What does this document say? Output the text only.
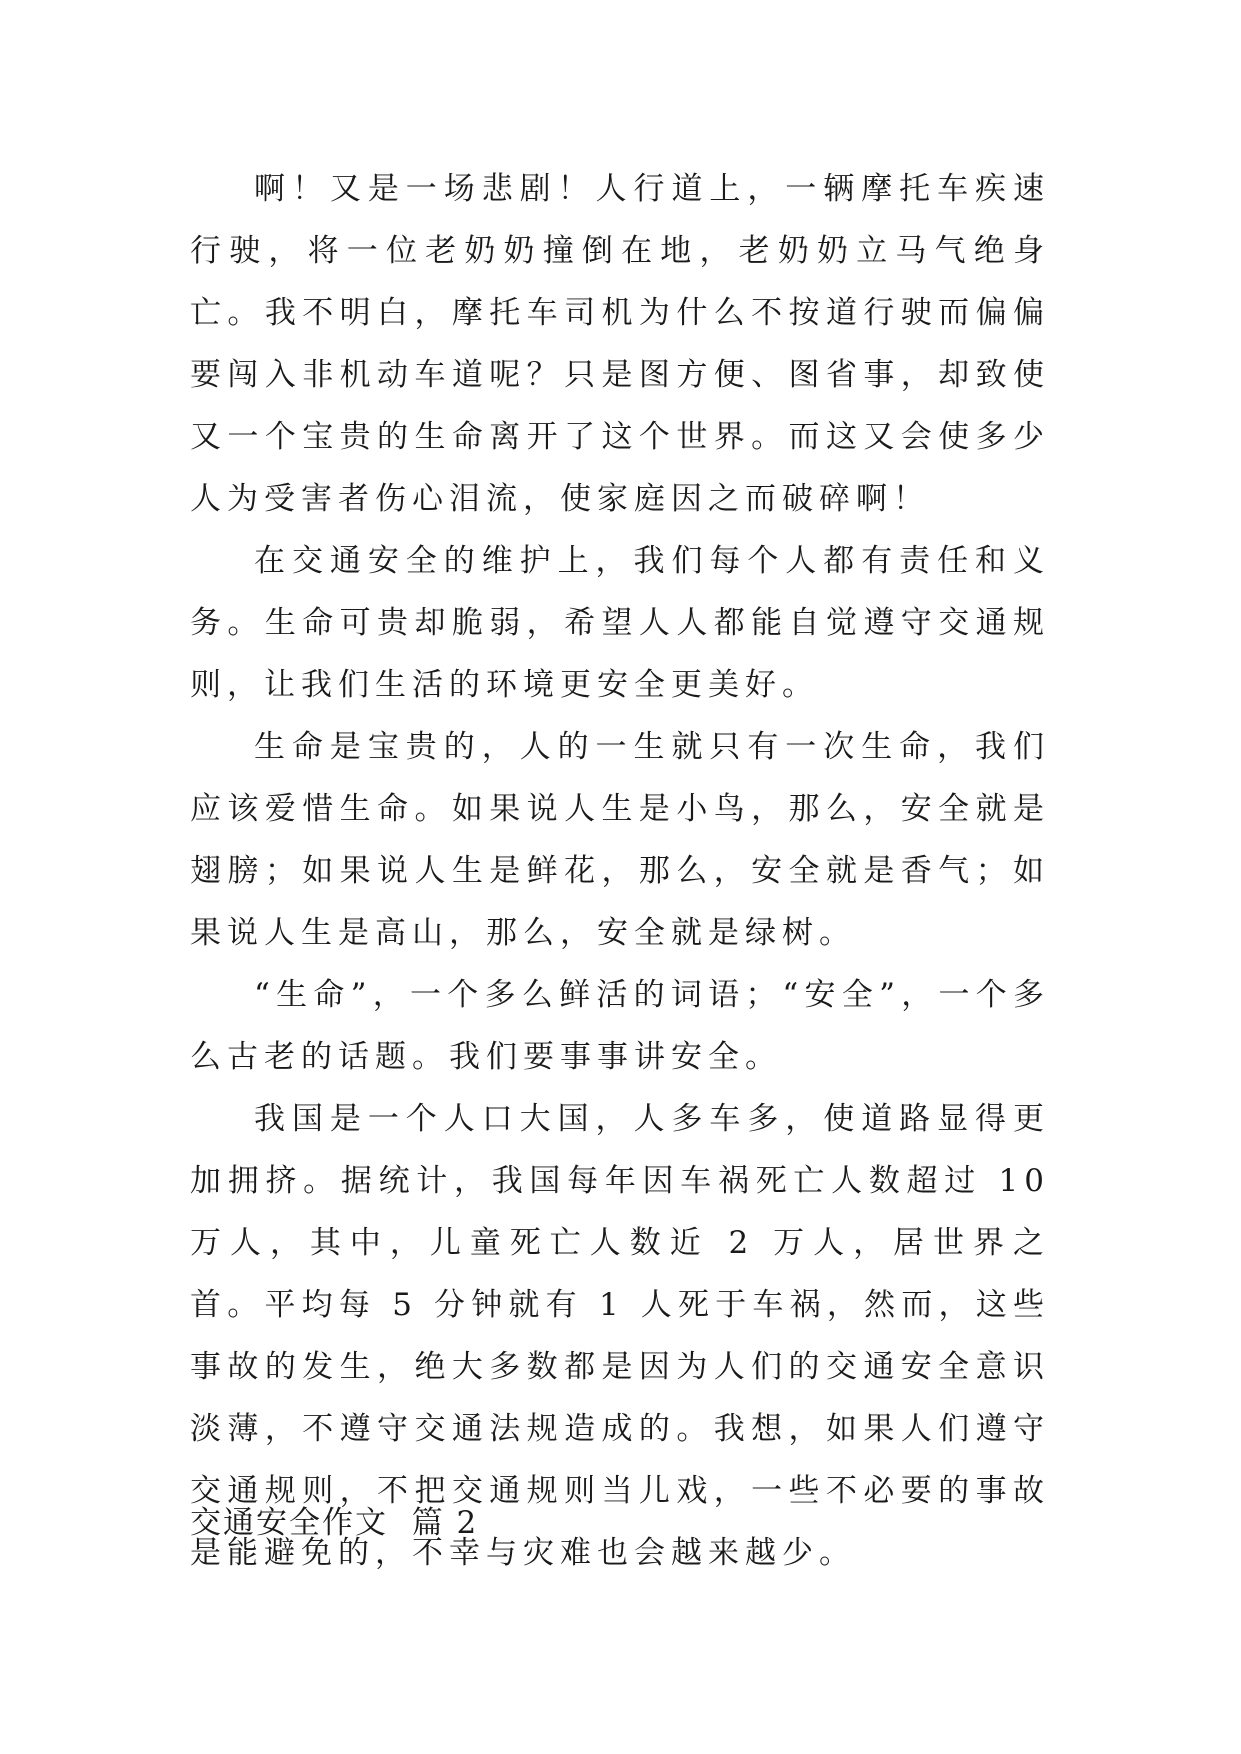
啊！又是一场悲剧！人行道上，一辆摩托车疾速行驶，将一位老奶奶撞倒在地，老奶奶立马气绝身亡。我不明白，摩托车司机为什么不按道行驶而偏偏要闯入非机动车道呢？只是图方便、图省事，却致使又一个宝贵的生命离开了这个世界。而这又会使多少人为受害者伤心泪流，使家庭因之而破碎啊！

在交通安全的维护上，我们每个人都有责任和义务。生命可贵却脆弱，希望人人都能自觉遵守交通规则，让我们生活的环境更安全更美好。

生命是宝贵的，人的一生就只有一次生命，我们应该爱惜生命。如果说人生是小鸟，那么，安全就是翅膀；如果说人生是鲜花，那么，安全就是香气；如果说人生是高山，那么，安全就是绿树。

“生命”，一个多么鲜活的词语；“安全”，一个多么古老的话题。我们要事事讲安全。

我国是一个人口大国，人多车多，使道路显得更加拥挤。据统计，我国每年因车祸死亡人数超过 10 万人，其中，儿童死亡人数近 2 万人，居世界之首。平均每 5 分钟就有 1 人死于车祸，然而，这些事故的发生，绝大多数都是因为人们的交通安全意识淡薄，不遵守交通法规造成的。我想，如果人们遵守交通规则，不把交通规则当儿戏，一些不必要的事故是能避免的，不幸与灾难也会越来越少。

交通安全作文  篇 2
